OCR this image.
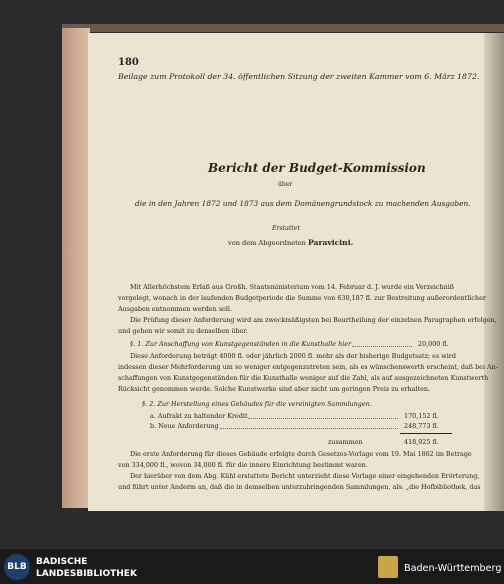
180
Beilage zum Protokoll der 34. öffentlichen Sitzung der zweiten Kammer vom 6. März 1872.
Bericht der Budget-Kommission
über
die in den Jahren 1872 und 1873 aus dem Domänengrundstock zu machenden Ausgaben.
Erstattet
von dem Abgeordneten Paravicini.
Mit Allerhöchstem Erlaß aus Großh. Staatsministerium vom 14. Februar d. J. wurde ein Verzeichniß
vorgelegt, wonach in der laufenden Budgetperiode die Summe von 630,187 fl. zur Bestreitung außerordentlicher
Ausgaben entnommen werden soll.
Die Prüfung dieser Anforderung wird am zweckmäßigsten bei Beurtheilung der einzelnen Paragraphen erfolgen,
und gehen wir somit zu denselben über.
§. 1. Zur Anschaffung von Kunstgegenständen in die Kunsthalle hier	20,000 fl.
Diese Anforderung beträgt 4000 fl. oder jährlich 2000 fl. mehr als der bisherige Budgetsatz; es wird
indessen dieser Mehrforderung um so weniger entgegenzutreten sein, als es wünschenswerth erscheint, daß bei An-
schaffungen von Kunstgegenständen für die Kunsthalle weniger auf die Zahl, als auf ausgezeichneten Kunstwerth
Rücksicht genommen werde. Solche Kunstwerke sind aber nicht um geringen Preis zu erhalten.
§. 2. Zur Herstellung eines Gebäudes für die vereinigten Sammlungen.
a. Aufrakt zu haltender Kredit	170,152 fl.
b. Neue Anforderung	248,773 fl.
zusammen	418,925 fl.
Die erste Anforderung für dieses Gebäude erfolgte durch Gesetzes-Vorlage vom 19. Mai 1862 im Betrage
von 334,000 fl., wovon 34,000 fl. für die innere Einrichtung bestimmt waren.
Der hierüber von dem Abg. Kühl erstattete Bericht unterzieht diese Vorlage einer eingehenden Erörterung,
und führt unter Anderm an, daß die in demselben unterzubringenden Sammlungen, als: „die Hofbibliothek, das
BLB	BADISCHE
LANDESBIBLIOTHEK	Baden-Württemberg
